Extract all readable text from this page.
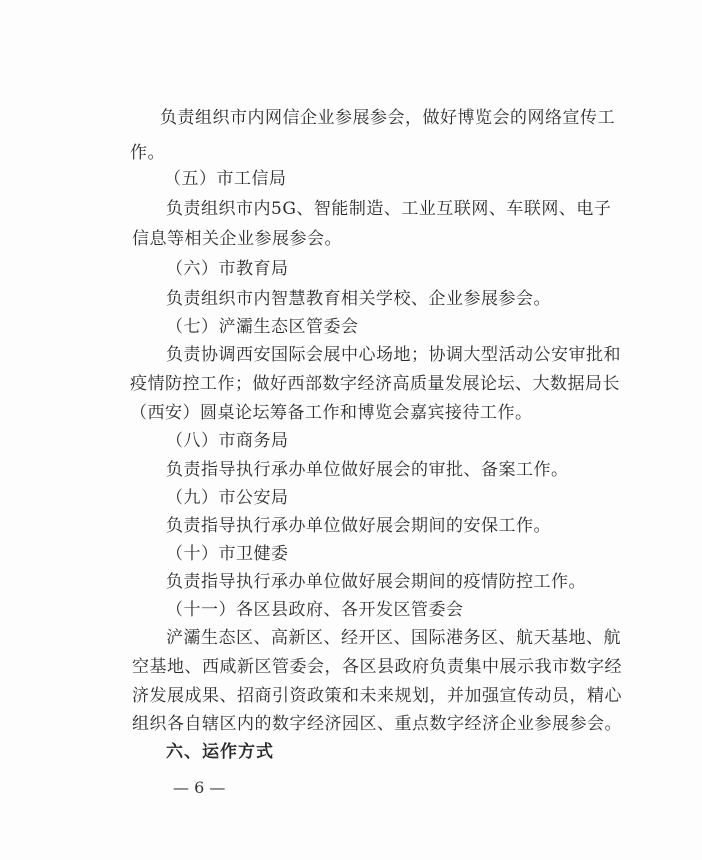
负责组织市内网信企业参展参会，做好博览会的网络宣传工
作。
（五）市工信局
负责组织市内5G、智能制造、工业互联网、车联网、电子
信息等相关企业参展参会。
（六）市教育局
负责组织市内智慧教育相关学校、企业参展参会。
（七）浐灞生态区管委会
负责协调西安国际会展中心场地；协调大型活动公安审批和
疫情防控工作；做好西部数字经济高质量发展论坛、大数据局长
（西安）圆桌论坛筹备工作和博览会嘉宾接待工作。
（八）市商务局
负责指导执行承办单位做好展会的审批、备案工作。
（九）市公安局
负责指导执行承办单位做好展会期间的安保工作。
（十）市卫健委
负责指导执行承办单位做好展会期间的疫情防控工作。
（十一）各区县政府、各开发区管委会
浐灞生态区、高新区、经开区、国际港务区、航天基地、航
空基地、西咸新区管委会，各区县政府负责集中展示我市数字经
济发展成果、招商引资政策和未来规划，并加强宣传动员，精心
组织各自辖区内的数字经济园区、重点数字经济企业参展参会。
六、运作方式
— 6 —
